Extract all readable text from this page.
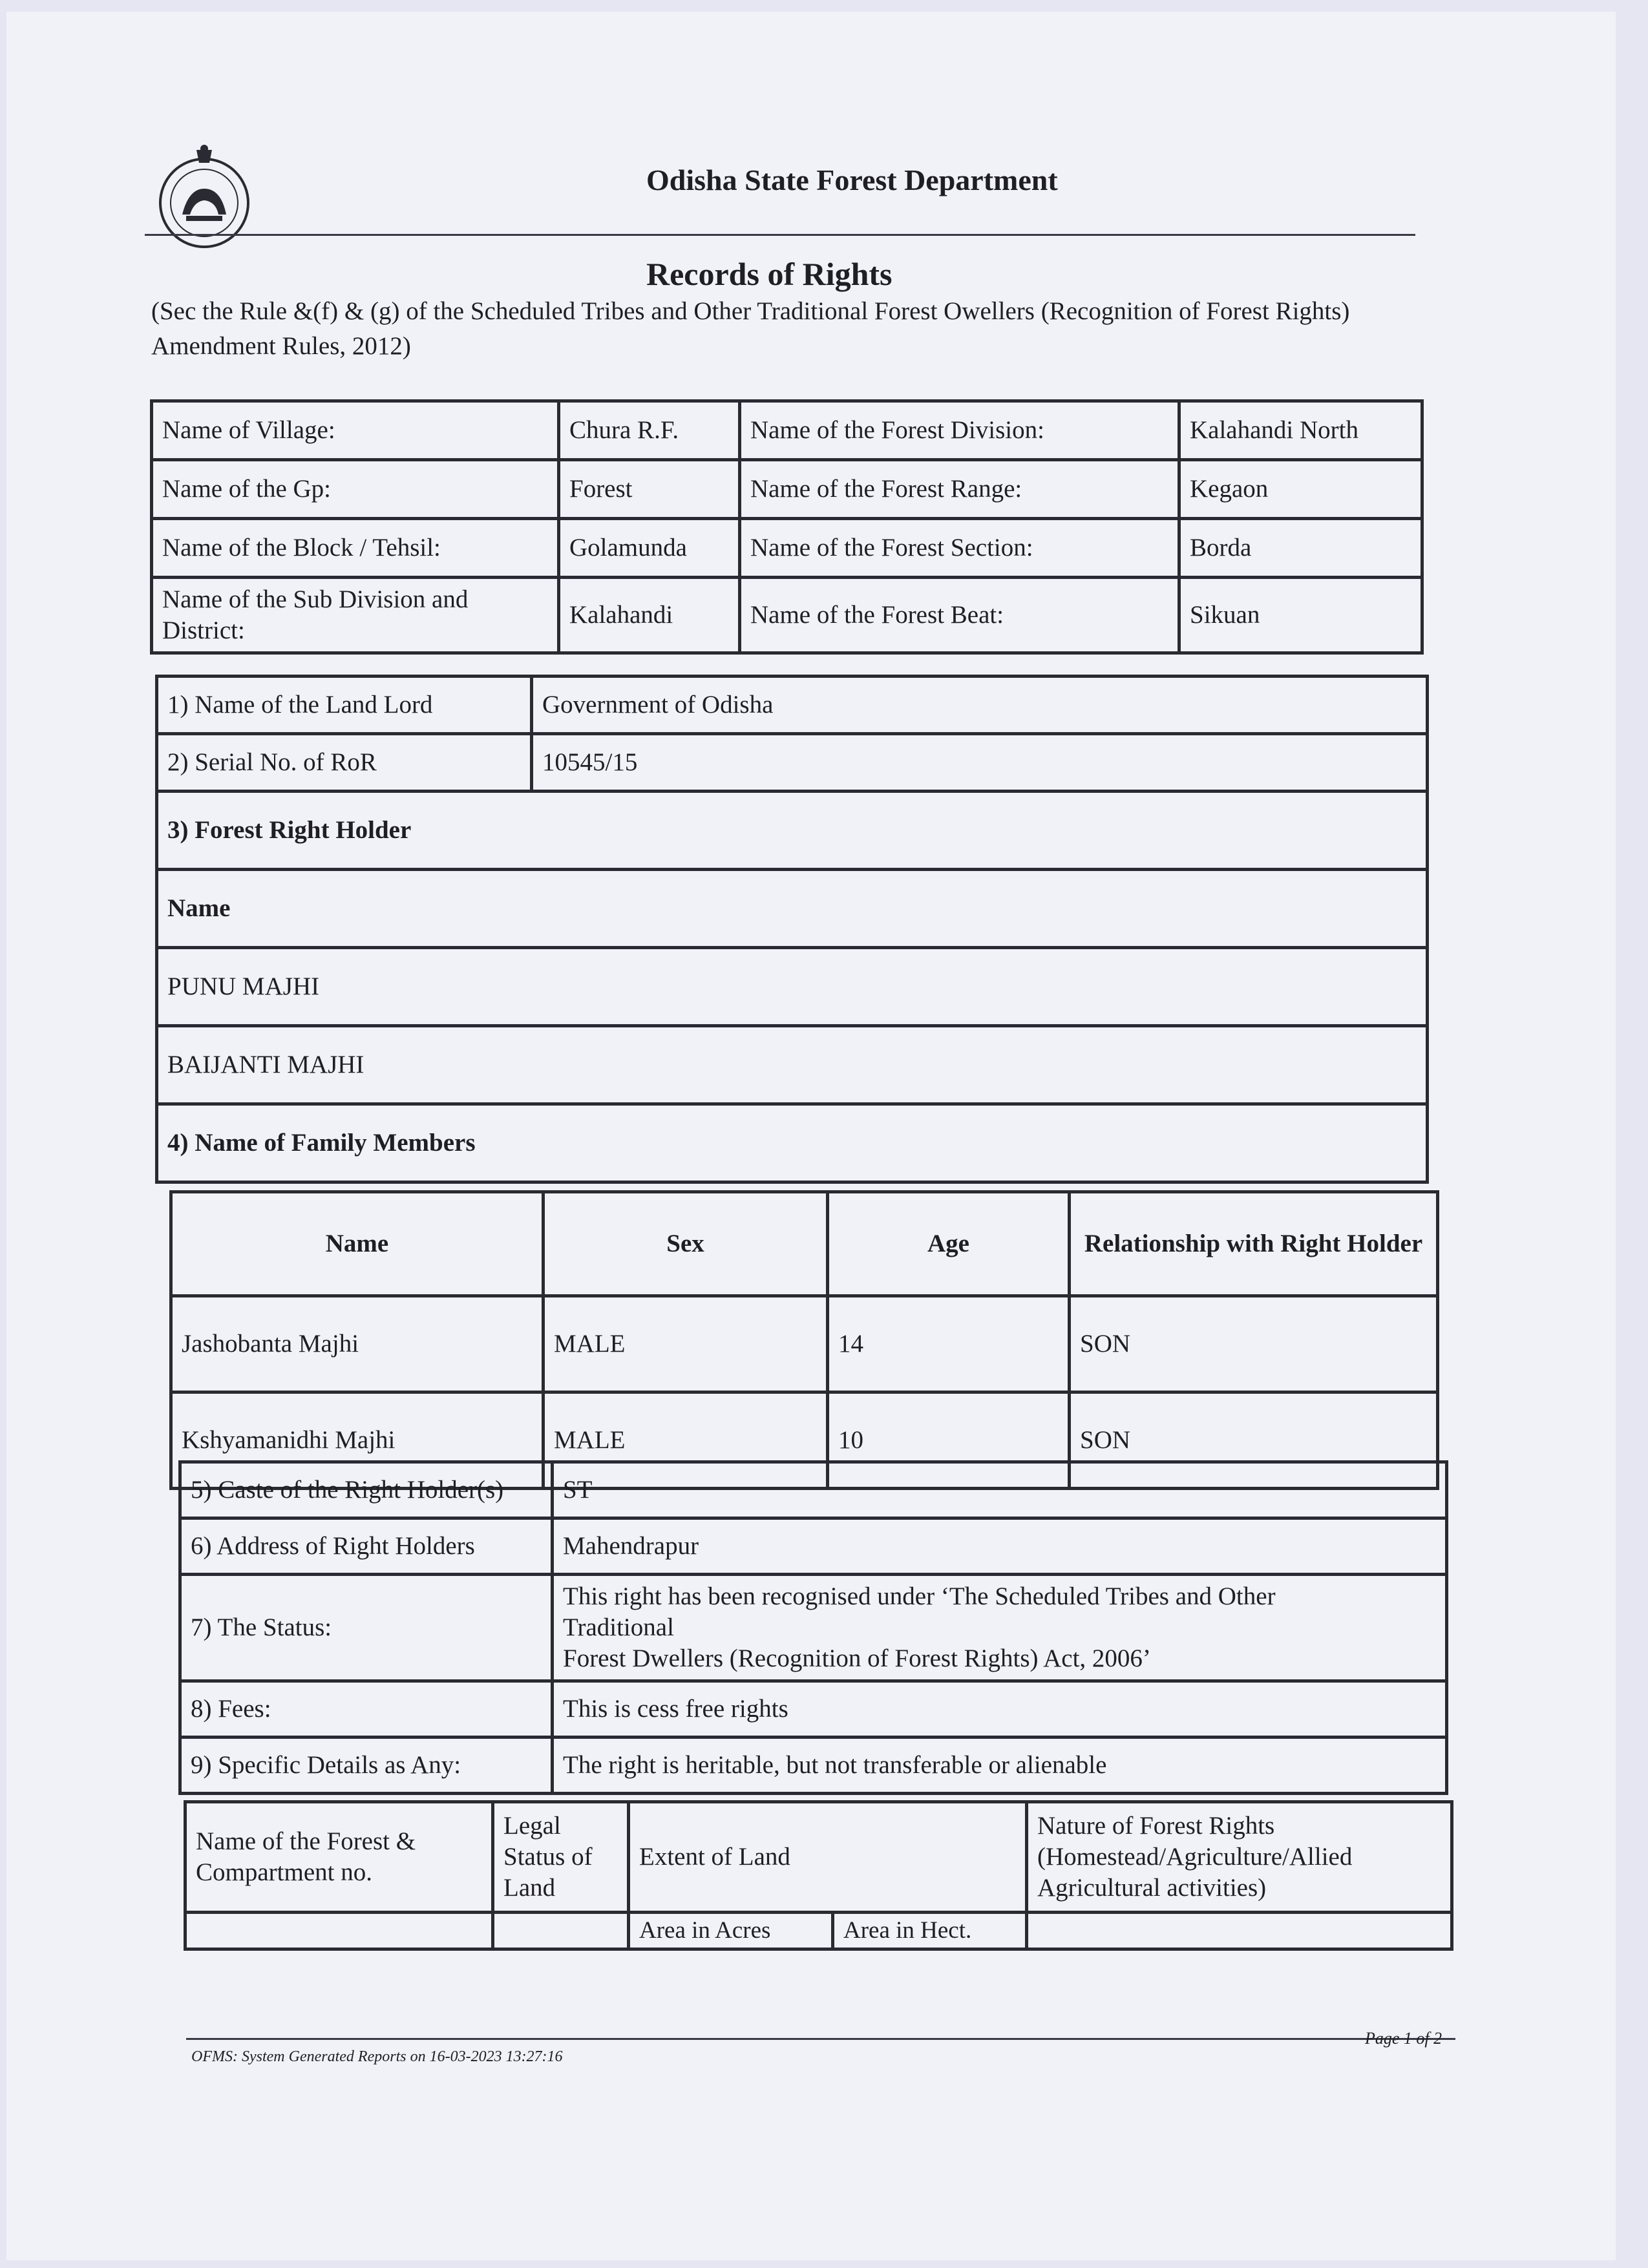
Odisha State Forest Department
Records of Rights
(Sec the Rule &(f) & (g) of the Scheduled Tribes and Other Traditional Forest Owellers (Recognition of Forest Rights) Amendment Rules, 2012)
Name of Village:	Chura R.F.	Name of the Forest Division:	Kalahandi North
Name of the Gp:	Forest	Name of the Forest Range:	Kegaon
Name of the Block / Tehsil:	Golamunda	Name of the Forest Section:	Borda
Name of the Sub Division and District:	Kalahandi	Name of the Forest Beat:	Sikuan
1) Name of the Land Lord	Government of Odisha
2) Serial No. of RoR	10545/15
3) Forest Right Holder	
Name	
PUNU MAJHI	
BAIJANTI MAJHI	
4) Name of Family Members	
Name	Sex	Age	Relationship with Right Holder
Jashobanta Majhi	MALE	14	SON
Kshyamanidhi Majhi	MALE	10	SON
5) Caste of the Right Holder(s)	ST
6) Address of Right Holders	Mahendrapur
7) The Status:	This right has been recognised under ‘The Scheduled Tribes and Other
Traditional
Forest Dwellers (Recognition of Forest Rights) Act, 2006’

8) Fees:	This is cess free rights
9) Specific Details as Any:	The right is heritable, but not transferable or alienable
Name of the Forest & Compartment no.	Legal Status of Land	Extent of Land		Nature of Forest Rights (Homestead/Agriculture/Allied Agricultural activities)
		Area in Acres	Area in Hect.	
OFMS: System Generated Reports on 16-03-2023 13:27:16
Page 1 of 2
